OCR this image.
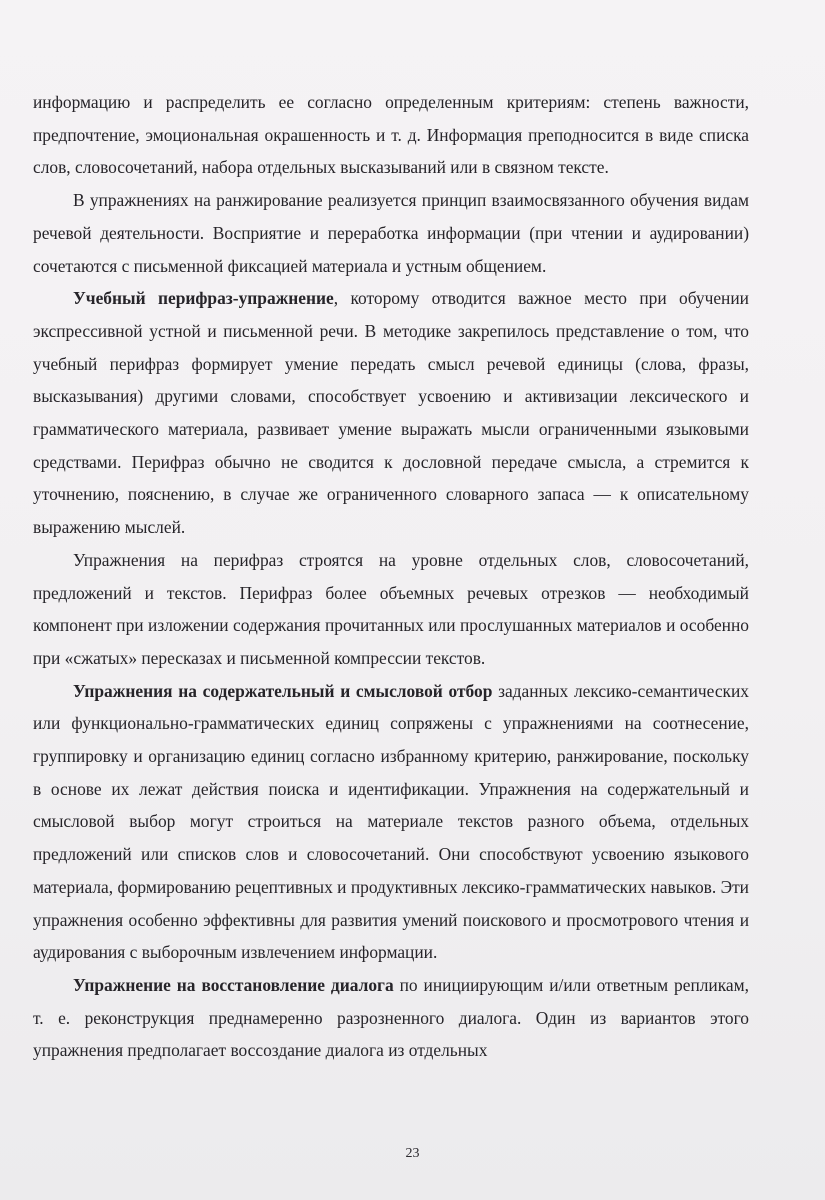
информацию и распределить ее согласно определенным критериям: степень важности, предпочтение, эмоциональная окрашенность и т. д. Информация преподносится в виде списка слов, словосочетаний, набора отдельных высказываний или в связном тексте.

В упражнениях на ранжирование реализуется принцип взаимосвязанного обучения видам речевой деятельности. Восприятие и переработка информации (при чтении и аудировании) сочетаются с письменной фиксацией материала и устным общением.

Учебный перифраз-упражнение, которому отводится важное место при обучении экспрессивной устной и письменной речи. В методике закрепилось представление о том, что учебный перифраз формирует умение передать смысл речевой единицы (слова, фразы, высказывания) другими словами, способствует усвоению и активизации лексического и грамматического материала, развивает умение выражать мысли ограниченными языковыми средствами. Перифраз обычно не сводится к дословной передаче смысла, а стремится к уточнению, пояснению, в случае же ограниченного словарного запаса — к описательному выражению мыслей.

Упражнения на перифраз строятся на уровне отдельных слов, словосочетаний, предложений и текстов. Перифраз более объемных речевых отрезков — необходимый компонент при изложении содержания прочитанных или прослушанных материалов и особенно при «сжатых» пересказах и письменной компрессии текстов.

Упражнения на содержательный и смысловой отбор заданных лексико-семантических или функционально-грамматических единиц сопряжены с упражнениями на соотнесение, группировку и организацию единиц согласно избранному критерию, ранжирование, поскольку в основе их лежат действия поиска и идентификации. Упражнения на содержательный и смысловой выбор могут строиться на материале текстов разного объема, отдельных предложений или списков слов и словосочетаний. Они способствуют усвоению языкового материала, формированию рецептивных и продуктивных лексико-грамматических навыков. Эти упражнения особенно эффективны для развития умений поискового и просмотрового чтения и аудирования с выборочным извлечением информации.

Упражнение на восстановление диалога по инициирующим и/или ответным репликам, т. е. реконструкция преднамеренно разрозненного диалога. Один из вариантов этого упражнения предполагает воссоздание диалога из отдельных

23
